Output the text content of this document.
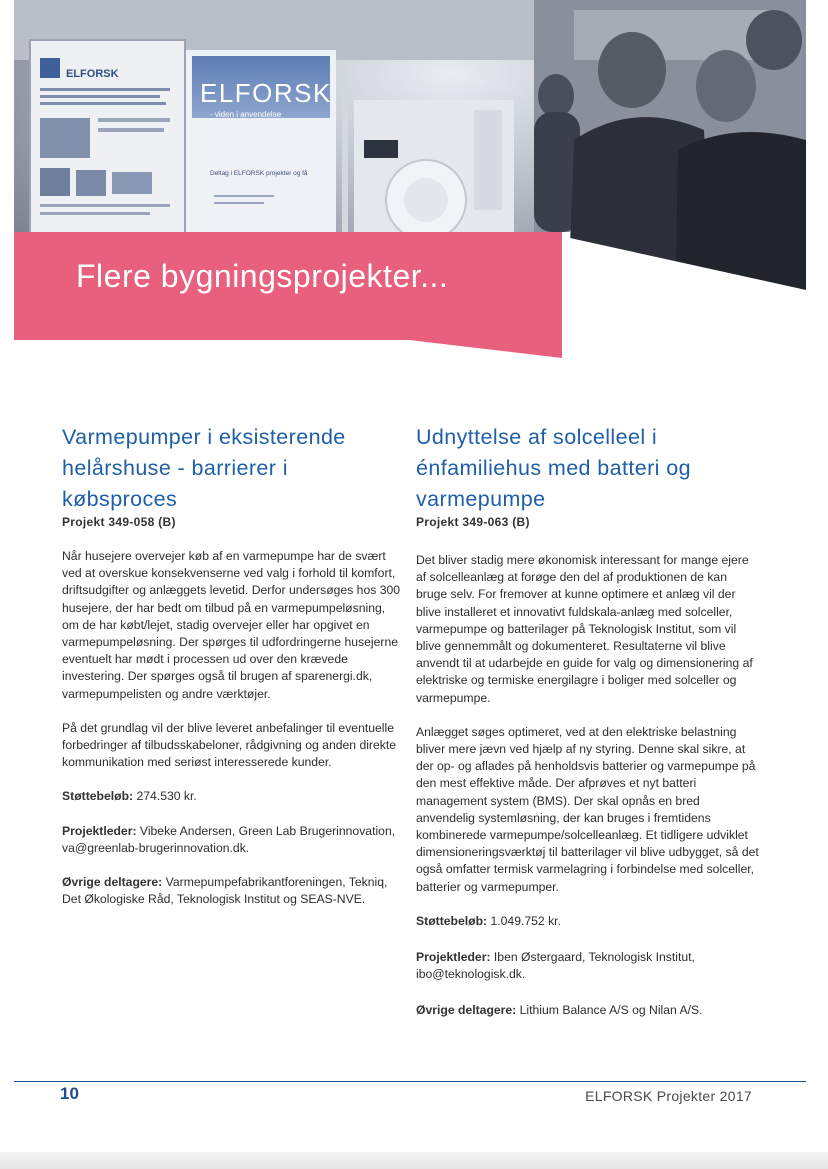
ELFORSK
ELFORSK
- viden i anvendelse
Deltag i ELFORSK projekter og få
Flere bygningsprojekter...
Varmepumper i eksisterende helårshuse - barrierer i købsproces
Projekt 349-058 (B)

Når husejere overvejer køb af en varmepumpe har de svært ved at overskue konsekvenserne ved valg i forhold til komfort, driftsudgifter og anlæggets levetid. Derfor undersøges hos 300 husejere, der har bedt om tilbud på en varmepumpeløsning, om de har købt/lejet, stadig overvejer eller har opgivet en varmepumpeløsning. Der spørges til udfordringerne husejerne eventuelt har mødt i processen ud over den krævede investering. Der spørges også til brugen af sparenergi.dk, varmepumpelisten og andre værktøjer.

På det grundlag vil der blive leveret anbefalinger til eventuelle forbedringer af tilbudsskabeloner, rådgivning og anden direkte kommunikation med seriøst interesserede kunder.

Støttebeløb: 274.530 kr.

Projektleder: Vibeke Andersen, Green Lab Brugerinnovation, va@greenlab-brugerinnovation.dk.

Øvrige deltagere: Varmepumpefabrikantforeningen, Tekniq, Det Økologiske Råd, Teknologisk Institut og SEAS-NVE.

Udnyttelse af solcelleel i énfamiliehus med batteri og varmepumpe
Projekt 349-063 (B)

Det bliver stadig mere økonomisk interessant for mange ejere af solcelleanlæg at forøge den del af produktionen de kan bruge selv. For fremover at kunne optimere et anlæg vil der blive installeret et innovativt fuldskala-anlæg med solceller, varmepumpe og batterilager på Teknologisk Institut, som vil blive gennemmålt og dokumenteret. Resultaterne vil blive anvendt til at udarbejde en guide for valg og dimensionering af elektriske og termiske energilagre i boliger med solceller og varmepumpe.

Anlægget søges optimeret, ved at den elektriske belastning bliver mere jævn ved hjælp af ny styring. Denne skal sikre, at der op- og aflades på henholdsvis batterier og varmepumpe på den mest effektive måde. Der afprøves et nyt batteri management system (BMS). Der skal opnås en bred anvendelig systemløsning, der kan bruges i fremtidens kombinerede varmepumpe/solcelleanlæg. Et tidligere udviklet dimensioneringsværktøj til batterilager vil blive udbygget, så det også omfatter termisk varmelagring i forbindelse med solceller, batterier og varmepumper.

Støttebeløb: 1.049.752 kr.

Projektleder: Iben Østergaard, Teknologisk Institut, ibo@teknologisk.dk.

Øvrige deltagere: Lithium Balance A/S og Nilan A/S.

10	ELFORSK Projekter 2017
